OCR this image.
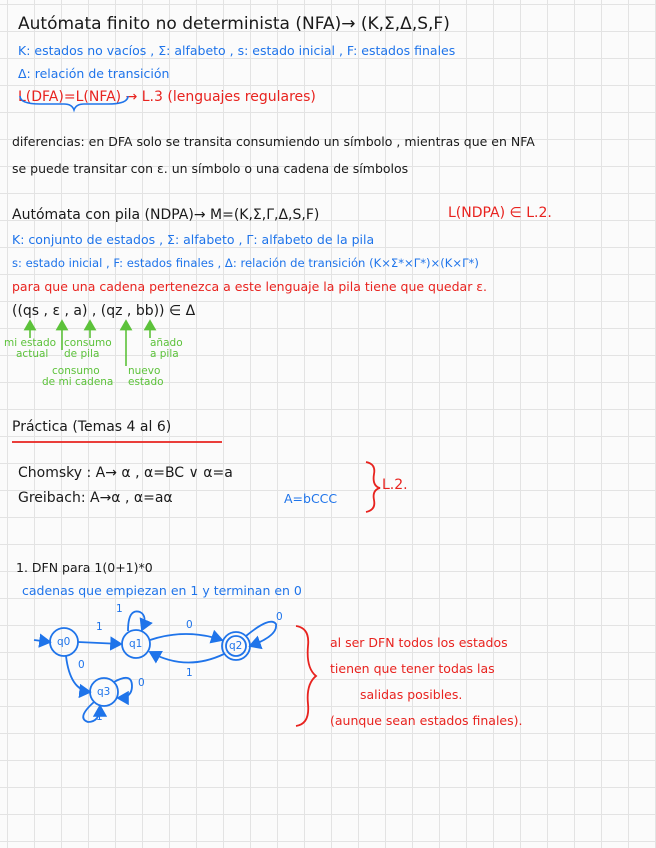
Autómata finito no determinista (NFA)→ (K,Σ,Δ,S,F)
K: estados no vacíos , Σ: alfabeto , s: estado inicial , F: estados finales
Δ: relación de transición
L(DFA)=L(NFA) → L.3 (lenguajes regulares)
diferencias: en DFA solo se transita consumiendo un símbolo , mientras que en NFA
se puede transitar con ε. un símbolo o una cadena de símbolos
Autómata con pila (NDPA)→ M=(K,Σ,Γ,Δ,S,F)	L(NDPA) ∈ L.2.
K: conjunto de estados , Σ: alfabeto , Γ: alfabeto de la pila
s: estado inicial , F: estados finales , Δ: relación de transición (K×Σ*×Γ*)×(K×Γ*)
para que una cadena pertenezca a este lenguaje la pila tiene que quedar ε.
((qs , ε , a) , (qz , bb)) ∈ Δ
mi estado
actual
consumo
de pila
consumo
de mi cadena
añado
a pila
nuevo
estado
Práctica (Temas 4 al 6)
Chomsky : A→ α , α=BC ∨ α=a
Greibach: A→α , α=aα	A=bCCC
L.2.
1. DFN para 1(0+1)*0
cadenas que empiezan en 1 y terminan en 0
al ser DFN todos los estados
tienen que tener todas las
salidas posibles.
(aunque sean estados finales).
q0	q1	q2
q3
1
0
1
0
1
0
1
0
